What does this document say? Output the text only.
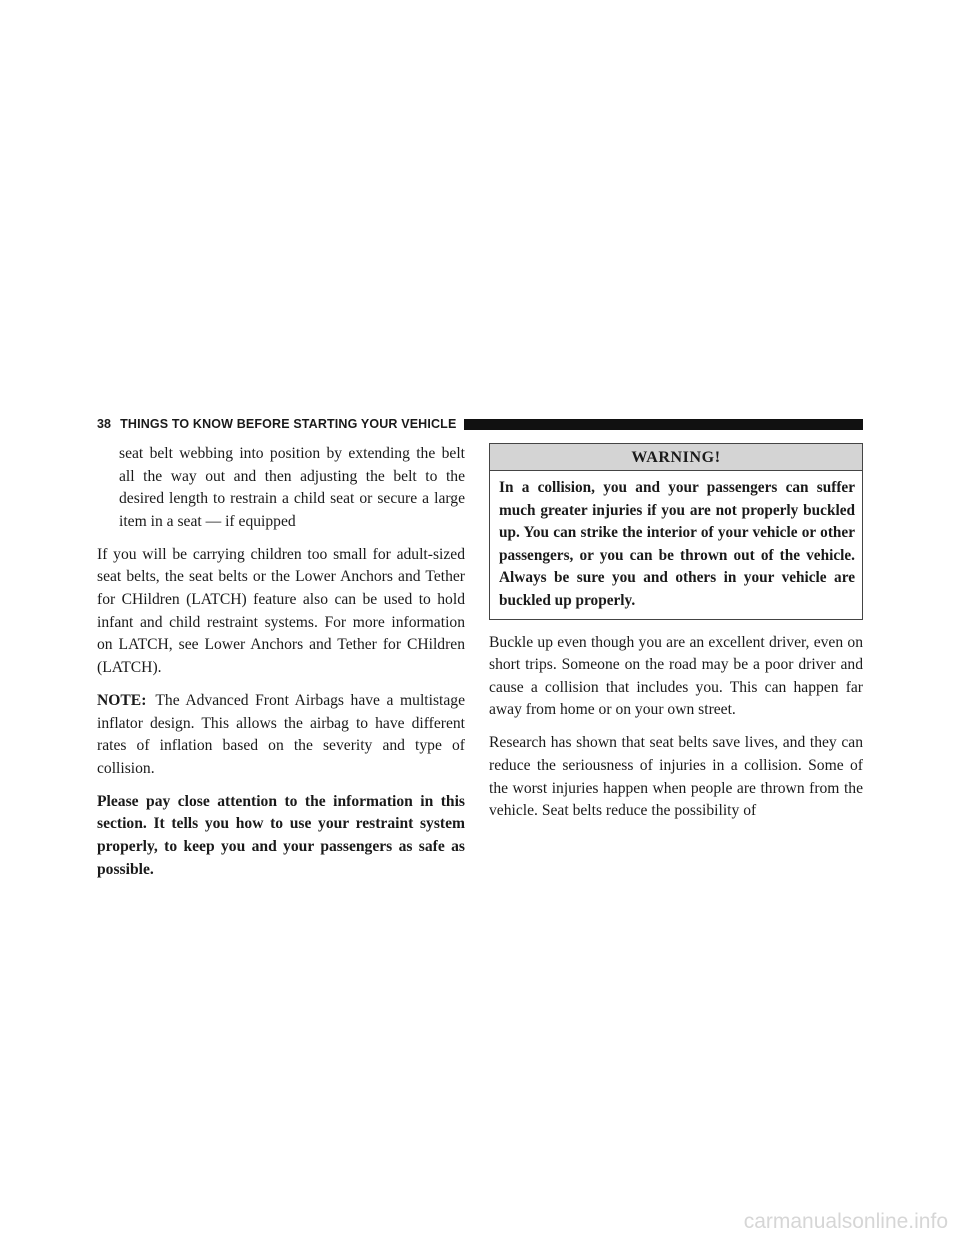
38 THINGS TO KNOW BEFORE STARTING YOUR VEHICLE

seat belt webbing into position by extending the belt all the way out and then adjusting the belt to the desired length to restrain a child seat or secure a large item in a seat — if equipped

If you will be carrying children too small for adult-sized seat belts, the seat belts or the Lower Anchors and Tether for CHildren (LATCH) feature also can be used to hold infant and child restraint systems. For more information on LATCH, see Lower Anchors and Tether for CHildren (LATCH).

NOTE: The Advanced Front Airbags have a multistage inflator design. This allows the airbag to have different rates of inflation based on the severity and type of collision.

Please pay close attention to the information in this section. It tells you how to use your restraint system properly, to keep you and your passengers as safe as possible.

WARNING!
In a collision, you and your passengers can suffer much greater injuries if you are not properly buckled up. You can strike the interior of your vehicle or other passengers, or you can be thrown out of the vehicle. Always be sure you and others in your vehicle are buckled up properly.

Buckle up even though you are an excellent driver, even on short trips. Someone on the road may be a poor driver and cause a collision that includes you. This can happen far away from home or on your own street.

Research has shown that seat belts save lives, and they can reduce the seriousness of injuries in a collision. Some of the worst injuries happen when people are thrown from the vehicle. Seat belts reduce the possibility of

carmanualsonline.info
